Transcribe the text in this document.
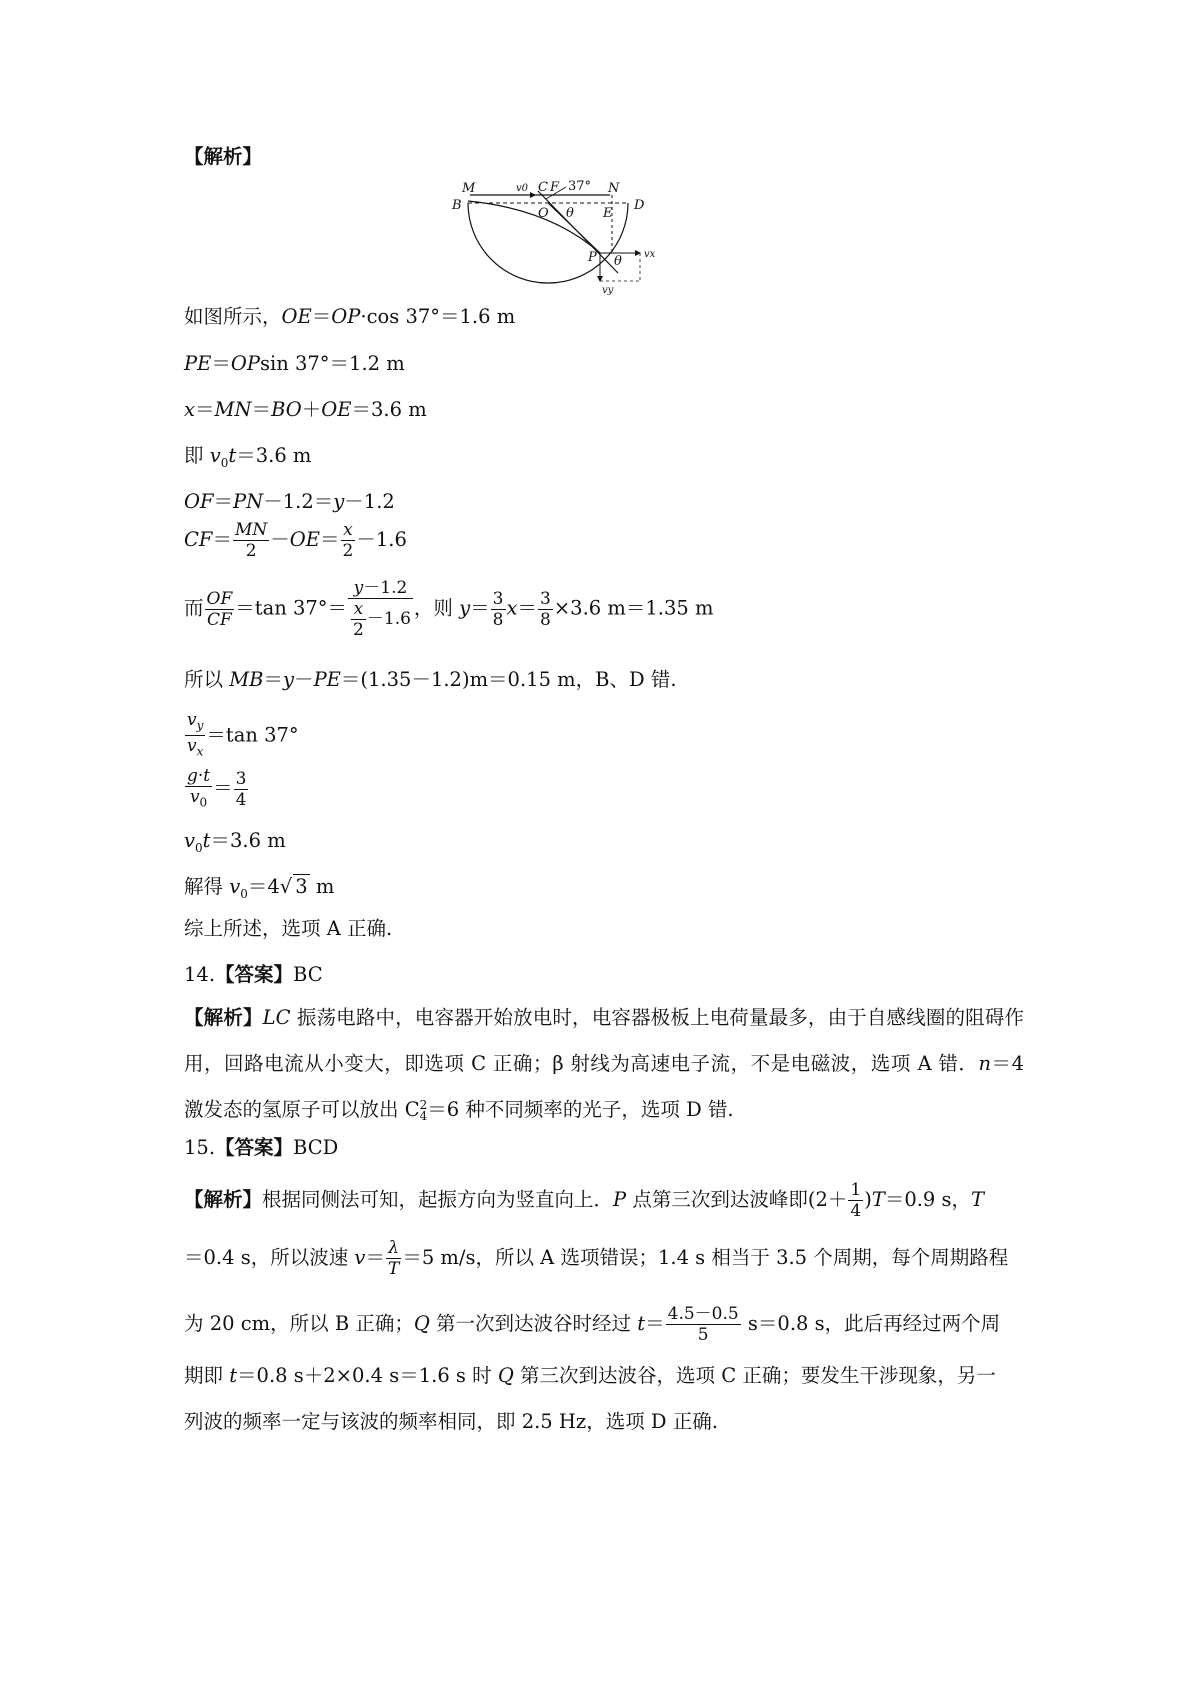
【解析】
M	v0 C F 37° N
B
O θ E
D
P θ vx
vy
如图所示，OE＝OP·cos 37°＝1.6 m
PE＝OPsin 37°＝1.2 m
x＝MN＝BO＋OE＝3.6 m
即 $v_0t=3.6$ m
OF＝PN－1.2＝y－1.2
$CF= \frac{MN}{2} -OE= \frac{x}{2} -1.6$
而 $\frac{OF}{CF} =\tan$ $37^\circ= \frac{y-1.2}{\frac{x}{2} -1.6}$ ，则 $y= \frac{3}{8} x= \frac{3}{8} \times 3.6$ m＝1.35 m
所以 MB＝y－PE＝(1.35－1.2)m＝0.15 m，B、D 错.
$\frac{v_y}{v_x} =\tan$ 37°
$\frac{g\cdot t}{v_0} = \frac{3}{4}$
$v_0t=3.6$ m
解得 $v_0=4√$ 3 m
综上所述，选项 A 正确.
14.【答案】BC
【解析】LC 振荡电路中，电容器开始放电时，电容器极板上电荷量最多，由于自感线圈的阻碍作用，回路电流从小变大，即选项 C 正确；β 射线为高速电子流，不是电磁波，选项 A 错．n＝4 激发态的氢原子可以放出 C 2
4 ＝6 种不同频率的光子，选项 D 错.
15.【答案】BCD
【解析】根据同侧法可知，起振方向为竖直向上．P 点第三次到达波峰即$(2+ \frac{1}{4} )T=0.9$ s，T
＝0.4 s，所以波速 $v= \frac{\lambda}{T} =5$ m/s，所以 A 选项错误；1.4 s 相当于 3.5 个周期，每个周期路程
为 20 cm，所以 B 正确；Q 第一次到达波谷时经过 $t= \frac{4.5-0.5}{5} s=0.8$ s，此后再经过两个周
期即 t＝0.8 s＋2×0.4 s＝1.6 s 时 Q 第三次到达波谷，选项 C 正确；要发生干涉现象，另一
列波的频率一定与该波的频率相同，即 2.5 Hz，选项 D 正确.
